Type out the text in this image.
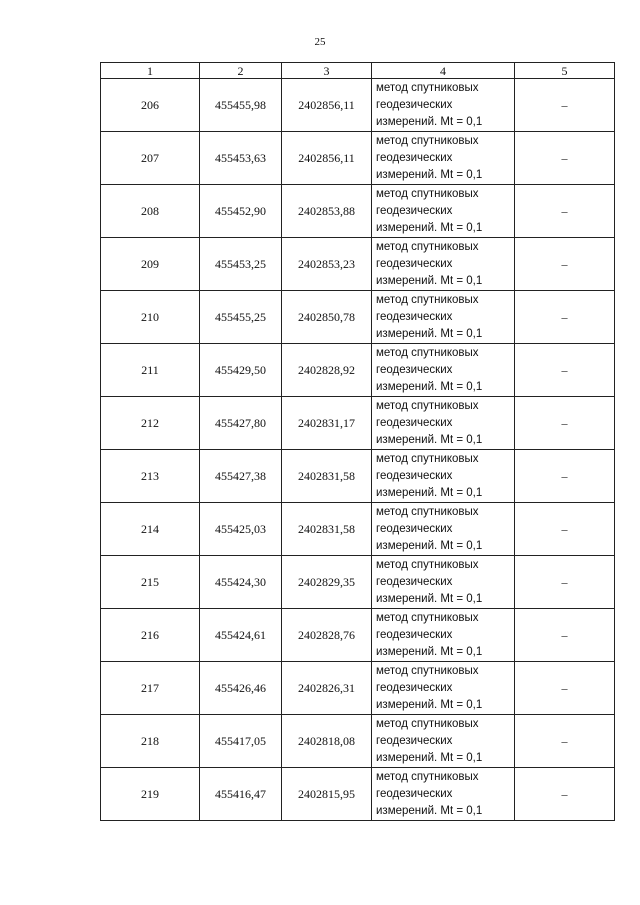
25
1	2	3	4	5
206	455455,98	2402856,11	метод спутниковых геодезических измерений. Mt = 0,1	–
207	455453,63	2402856,11	метод спутниковых геодезических измерений. Mt = 0,1	–
208	455452,90	2402853,88	метод спутниковых геодезических измерений. Mt = 0,1	–
209	455453,25	2402853,23	метод спутниковых геодезических измерений. Mt = 0,1	–
210	455455,25	2402850,78	метод спутниковых геодезических измерений. Mt = 0,1	–
211	455429,50	2402828,92	метод спутниковых геодезических измерений. Mt = 0,1	–
212	455427,80	2402831,17	метод спутниковых геодезических измерений. Mt = 0,1	–
213	455427,38	2402831,58	метод спутниковых геодезических измерений. Mt = 0,1	–
214	455425,03	2402831,58	метод спутниковых геодезических измерений. Mt = 0,1	–
215	455424,30	2402829,35	метод спутниковых геодезических измерений. Mt = 0,1	–
216	455424,61	2402828,76	метод спутниковых геодезических измерений. Mt = 0,1	–
217	455426,46	2402826,31	метод спутниковых геодезических измерений. Mt = 0,1	–
218	455417,05	2402818,08	метод спутниковых геодезических измерений. Mt = 0,1	–
219	455416,47	2402815,95	метод спутниковых геодезических измерений. Mt = 0,1	–
